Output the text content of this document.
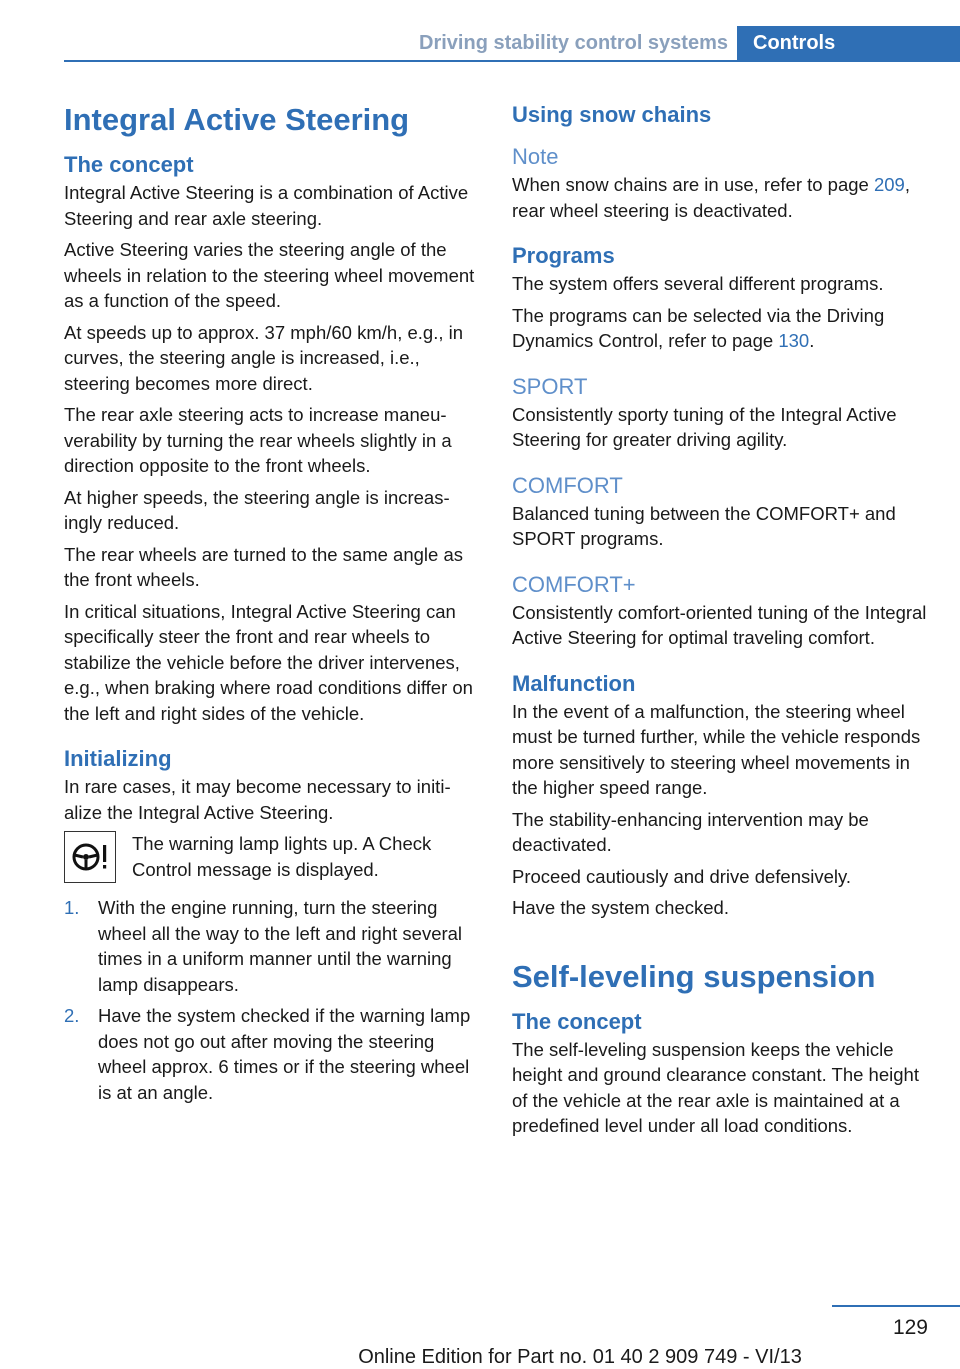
Driving stability control systems	Controls
Integral Active Steering
The concept

Integral Active Steering is a combination of Active Steering and rear axle steering.

Active Steering varies the steering angle of the wheels in relation to the steering wheel movement as a function of the speed.

At speeds up to approx. 37 mph/60 km/h, e.g., in curves, the steering angle is increased, i.e., steering becomes more direct.

The rear axle steering acts to increase maneuverability by turning the rear wheels slightly in a direction opposite to the front wheels.

At higher speeds, the steering angle is increasingly reduced.

The rear wheels are turned to the same angle as the front wheels.

In critical situations, Integral Active Steering can specifically steer the front and rear wheels to stabilize the vehicle before the driver intervenes, e.g., when braking where road conditions differ on the left and right sides of the vehicle.

Initializing

In rare cases, it may become necessary to initialize the Integral Active Steering.

The warning lamp lights up. A Check Control message is displayed.
1.	With the engine running, turn the steering wheel all the way to the left and right several times in a uniform manner until the warning lamp disappears.
2.	Have the system checked if the warning lamp does not go out after moving the steering wheel approx. 6 times or if the steering wheel is at an angle.
Using snow chains
Note

When snow chains are in use, refer to page 209, rear wheel steering is deactivated.

Programs

The system offers several different programs.

The programs can be selected via the Driving Dynamics Control, refer to page 130.

SPORT

Consistently sporty tuning of the Integral Active Steering for greater driving agility.

COMFORT

Balanced tuning between the COMFORT+ and SPORT programs.

COMFORT+

Consistently comfort-oriented tuning of the Integral Active Steering for optimal traveling comfort.

Malfunction

In the event of a malfunction, the steering wheel must be turned further, while the vehicle responds more sensitively to steering wheel movements in the higher speed range.

The stability-enhancing intervention may be deactivated.

Proceed cautiously and drive defensively.

Have the system checked.

Self-leveling suspension
The concept

The self-leveling suspension keeps the vehicle height and ground clearance constant. The height of the vehicle at the rear axle is maintained at a predefined level under all load conditions.

129
Online Edition for Part no. 01 40 2 909 749 - VI/13
